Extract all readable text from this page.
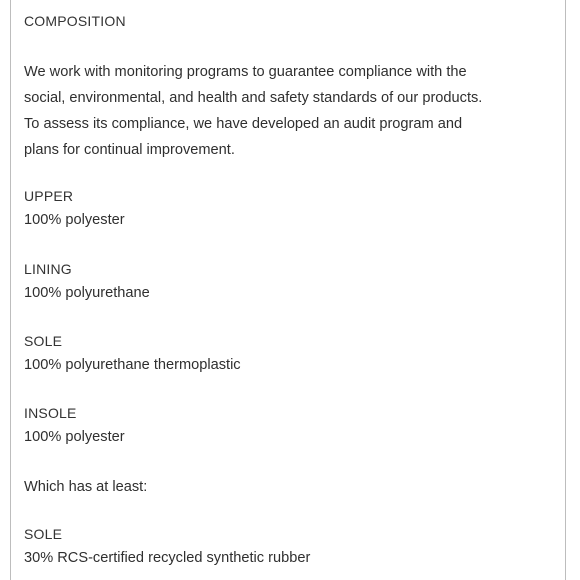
COMPOSITION
We work with monitoring programs to guarantee compliance with the
social, environmental, and health and safety standards of our products.
To assess its compliance, we have developed an audit program and
plans for continual improvement.
UPPER
100% polyester
LINING
100% polyurethane
SOLE
100% polyurethane thermoplastic
INSOLE
100% polyester
Which has at least:
SOLE
30% RCS-certified recycled synthetic rubber
